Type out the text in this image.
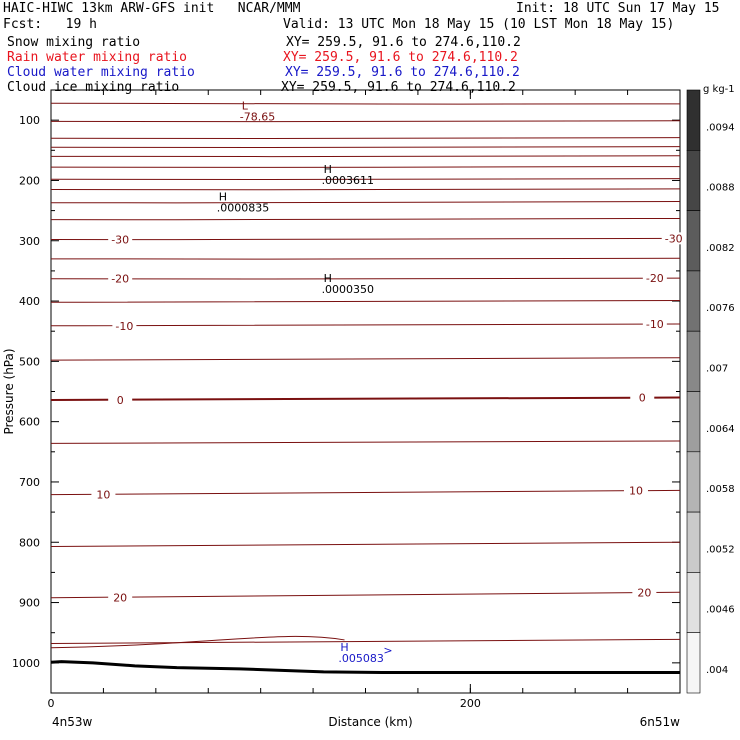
HAIC-HIWC 13km ARW-GFS init   NCAR/MMM	Init: 18 UTC Sun 17 May 15
Fcst:   19 h	Valid: 13 UTC Mon 18 May 15 (10 LST Mon 18 May 15)
Snow mixing ratio	XY= 259.5, 91.6 to 274.6,110.2
Rain water mixing ratio	XY= 259.5, 91.6 to 274.6,110.2
Cloud water mixing ratio	XY= 259.5, 91.6 to 274.6,110.2
Cloud ice mixing ratio	XY= 259.5, 91.6 to 274.6,110.2
0	200
100
200
300
400
500
600
700
800
900
1000
Distance (km)
Pressure (hPa)
4n53w	6n51w
-30	-30
-20	-20
-10	-10
0	0
10	10
20	20
L
-78.65
H
.0003611
H
.0000835
H
.0000350
H
.005083
>
.0094
.0088
.0082
.0076
.007
.0064
.0058
.0052
.0046
.004
g kg-1
